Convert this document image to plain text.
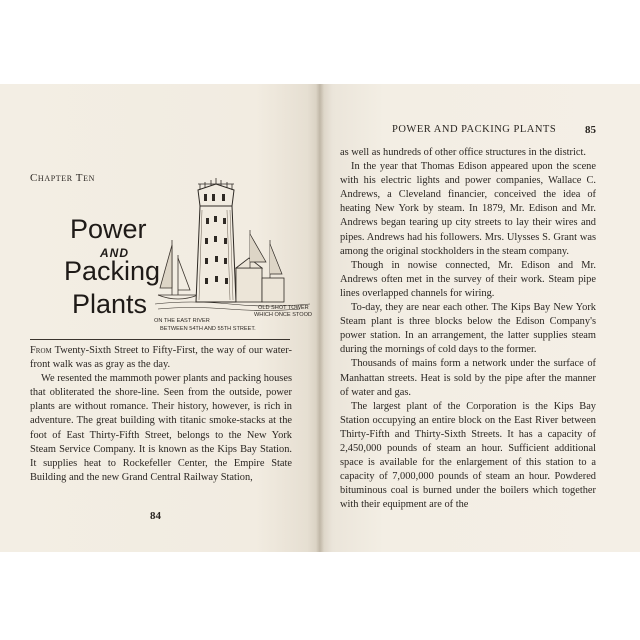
Chapter Ten
Power
AND
Packing
Plants	OLD SHOT TOWER
WHICH ONCE STOOD
ON THE EAST RIVER
BETWEEN 54TH AND 55TH STREET.

From Twenty-Sixth Street to Fifty-First, the way of our water-front walk was as gray as the day.

We resented the mammoth power plants and packing houses that obliterated the shore-line. Seen from the outside, power plants are without romance. Their history, however, is rich in adventure. The great building with titanic smoke-stacks at the foot of East Thirty-Fifth Street, belongs to the New York Steam Service Company. It is known as the Kips Bay Station. It supplies heat to Rockefeller Center, the Empire State Building and the new Grand Central Railway Station,

84
POWER AND PACKING PLANTS	85

as well as hundreds of other office structures in the district.

In the year that Thomas Edison appeared upon the scene with his electric lights and power companies, Wallace C. Andrews, a Cleveland financier, conceived the idea of heating New York by steam. In 1879, Mr. Edison and Mr. Andrews began tearing up city streets to lay their wires and pipes. Andrews had his followers. Mrs. Ulysses S. Grant was among the original stockholders in the steam company.

Though in nowise connected, Mr. Edison and Mr. Andrews often met in the survey of their work. Steam pipe lines overlapped channels for wiring.

To-day, they are near each other. The Kips Bay New York Steam plant is three blocks below the Edison Company's power station. In an arrangement, the latter supplies steam during the mornings of cold days to the former.

Thousands of mains form a network under the surface of Manhattan streets. Heat is sold by the pipe after the manner of water and gas.

The largest plant of the Corporation is the Kips Bay Station occupying an entire block on the East River between Thirty-Fifth and Thirty-Sixth Streets. It has a capacity of 2,450,000 pounds of steam an hour. Sufficient additional space is available for the enlargement of this station to a capacity of 7,000,000 pounds of steam an hour. Powdered bituminous coal is burned under the boilers which together with their equipment are of the
